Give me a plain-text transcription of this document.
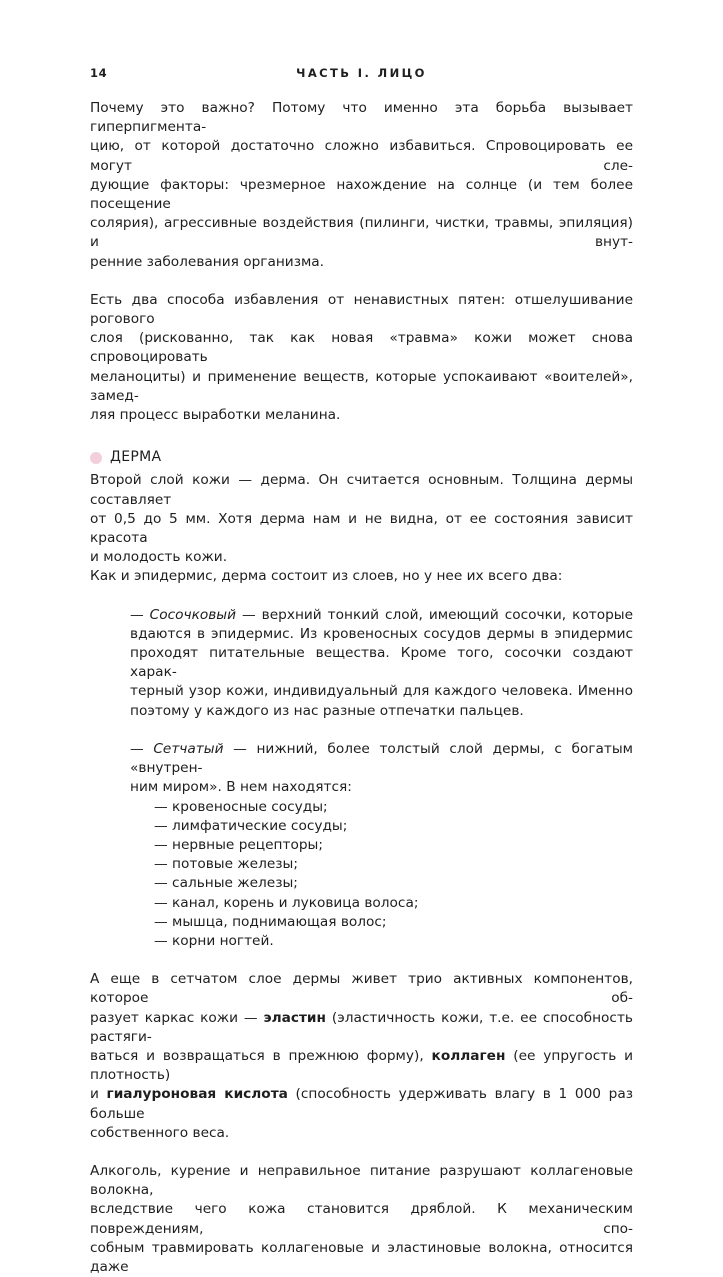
14	ЧАСТЬ I. ЛИЦО

Почему это важно? Потому что именно эта борьба вызывает гиперпигмента-
цию, от которой достаточно сложно избавиться. Спровоцировать ее могут сле-
дующие факторы: чрезмерное нахождение на солнце (и тем более посещение
солярия), агрессивные воздействия (пилинги, чистки, травмы, эпиляция) и внут-
ренние заболевания организма.

Есть два способа избавления от ненавистных пятен: отшелушивание рогового
слоя (рискованно, так как новая «травма» кожи может снова спровоцировать
меланоциты) и применение веществ, которые успокаивают «воителей», замед-
ляя процесс выработки меланина.

ДЕРМА

Второй слой кожи — дерма. Он считается основным. Толщина дермы составляет
от 0,5 до 5 мм. Хотя дерма нам и не видна, от ее состояния зависит красота
и молодость кожи.
Как и эпидермис, дерма состоит из слоев, но у нее их всего два:

— Сосочковый — верхний тонкий слой, имеющий сосочки, которые
вдаются в эпидермис. Из кровеносных сосудов дермы в эпидермис
проходят питательные вещества. Кроме того, сосочки создают харак-
терный узор кожи, индивидуальный для каждого человека. Именно
поэтому у каждого из нас разные отпечатки пальцев.
— Сетчатый — нижний, более толстый слой дермы, с богатым «внутрен-
ним миром». В нем находятся:
— кровеносные сосуды;
— лимфатические сосуды;
— нервные рецепторы;
— потовые железы;
— сальные железы;
— канал, корень и луковица волоса;
— мышца, поднимающая волос;
— корни ногтей.

А еще в сетчатом слое дермы живет трио активных компонентов, которое об-
разует каркас кожи — эластин (эластичность кожи, т.е. ее способность растяги-
ваться и возвращаться в прежнюю форму), коллаген (ее упругость и плотность)
и гиалуроновая кислота (способность удерживать влагу в 1 000 раз больше
собственного веса.

Алкоголь, курение и неправильное питание разрушают коллагеновые волокна,
вследствие чего кожа становится дряблой. К механическим повреждениям, спо-
собным травмировать коллагеновые и эластиновые волокна, относится даже
